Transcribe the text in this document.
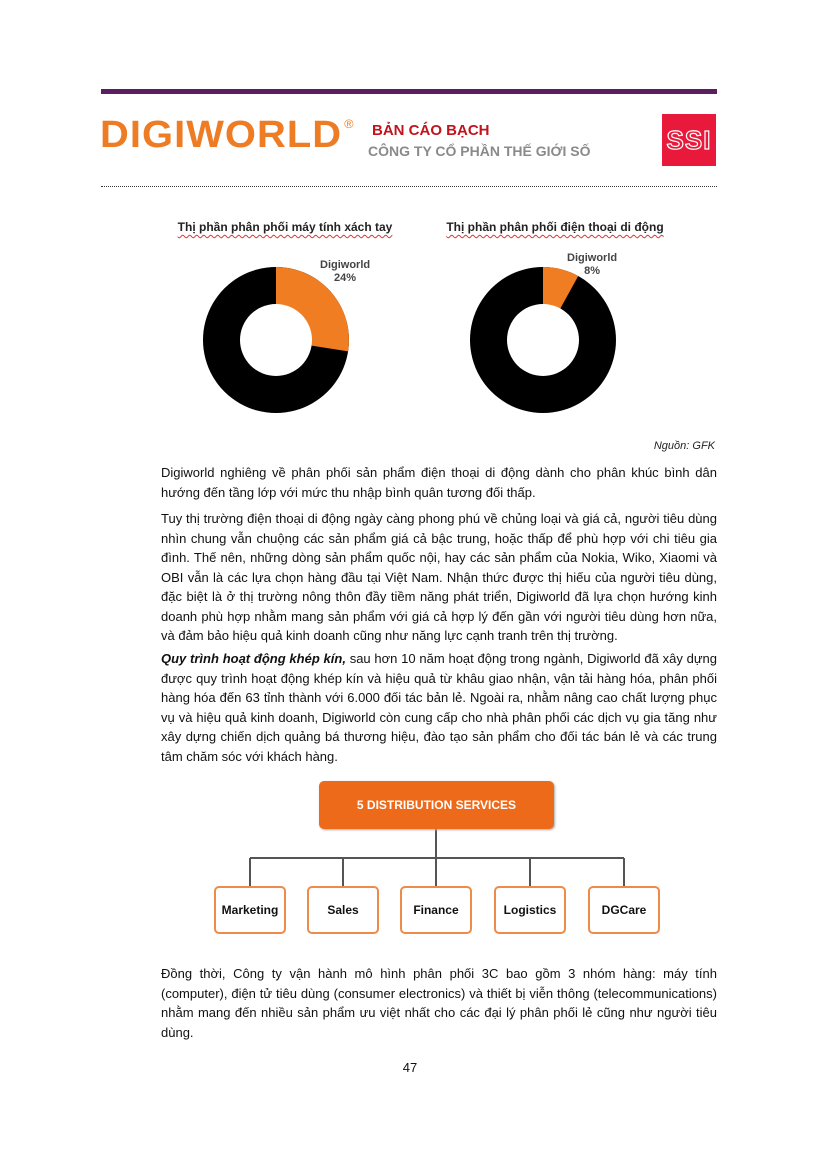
DIGIWORLD ® BẢN CÁO BẠCH
CÔNG TY CỔ PHẦN THẾ GIỚI SỐ	SSI
Thị phần phân phối máy tính xách tay
Digiworld
24%
Thị phần phân phối điện thoại di động
Digiworld
8%
Nguồn: GFK

Digiworld nghiêng về phân phối sản phẩm điện thoại di động dành cho phân khúc bình dân hướng đến tầng lớp với mức thu nhập bình quân tương đối thấp.

Tuy thị trường điện thoại di động ngày càng phong phú về chủng loại và giá cả, người tiêu dùng nhìn chung vẫn chuộng các sản phẩm giá cả bậc trung, hoặc thấp để phù hợp với chi tiêu gia đình. Thế nên, những dòng sản phẩm quốc nội, hay các sản phẩm của Nokia, Wiko, Xiaomi và OBI vẫn là các lựa chọn hàng đầu tại Việt Nam. Nhận thức được thị hiếu của người tiêu dùng, đặc biệt là ở thị trường nông thôn đầy tiềm năng phát triển, Digiworld đã lựa chọn hướng kinh doanh phù hợp nhằm mang sản phẩm với giá cả hợp lý đến gần với người tiêu dùng hơn nữa, và đảm bảo hiệu quả kinh doanh cũng như năng lực cạnh tranh trên thị trường.

Quy trình hoạt động khép kín, sau hơn 10 năm hoạt động trong ngành, Digiworld đã xây dựng được quy trình hoạt động khép kín và hiệu quả từ khâu giao nhận, vận tải hàng hóa, phân phối hàng hóa đến 63 tỉnh thành với 6.000 đối tác bản lẻ. Ngoài ra, nhằm nâng cao chất lượng phục vụ và hiệu quả kinh doanh, Digiworld còn cung cấp cho nhà phân phối các dịch vụ gia tăng như xây dựng chiến dịch quảng bá thương hiệu, đào tạo sản phẩm cho đối tác bán lẻ và các trung tâm chăm sóc với khách hàng.

5 DISTRIBUTION SERVICES
Marketing	Sales	Finance	Logistics	DGCare

Đồng thời, Công ty vận hành mô hình phân phối 3C bao gồm 3 nhóm hàng: máy tính (computer), điện tử tiêu dùng (consumer electronics) và thiết bị viễn thông (telecommunications) nhằm mang đến nhiều sản phẩm ưu việt nhất cho các đại lý phân phối lẻ cũng như người tiêu dùng.

47
